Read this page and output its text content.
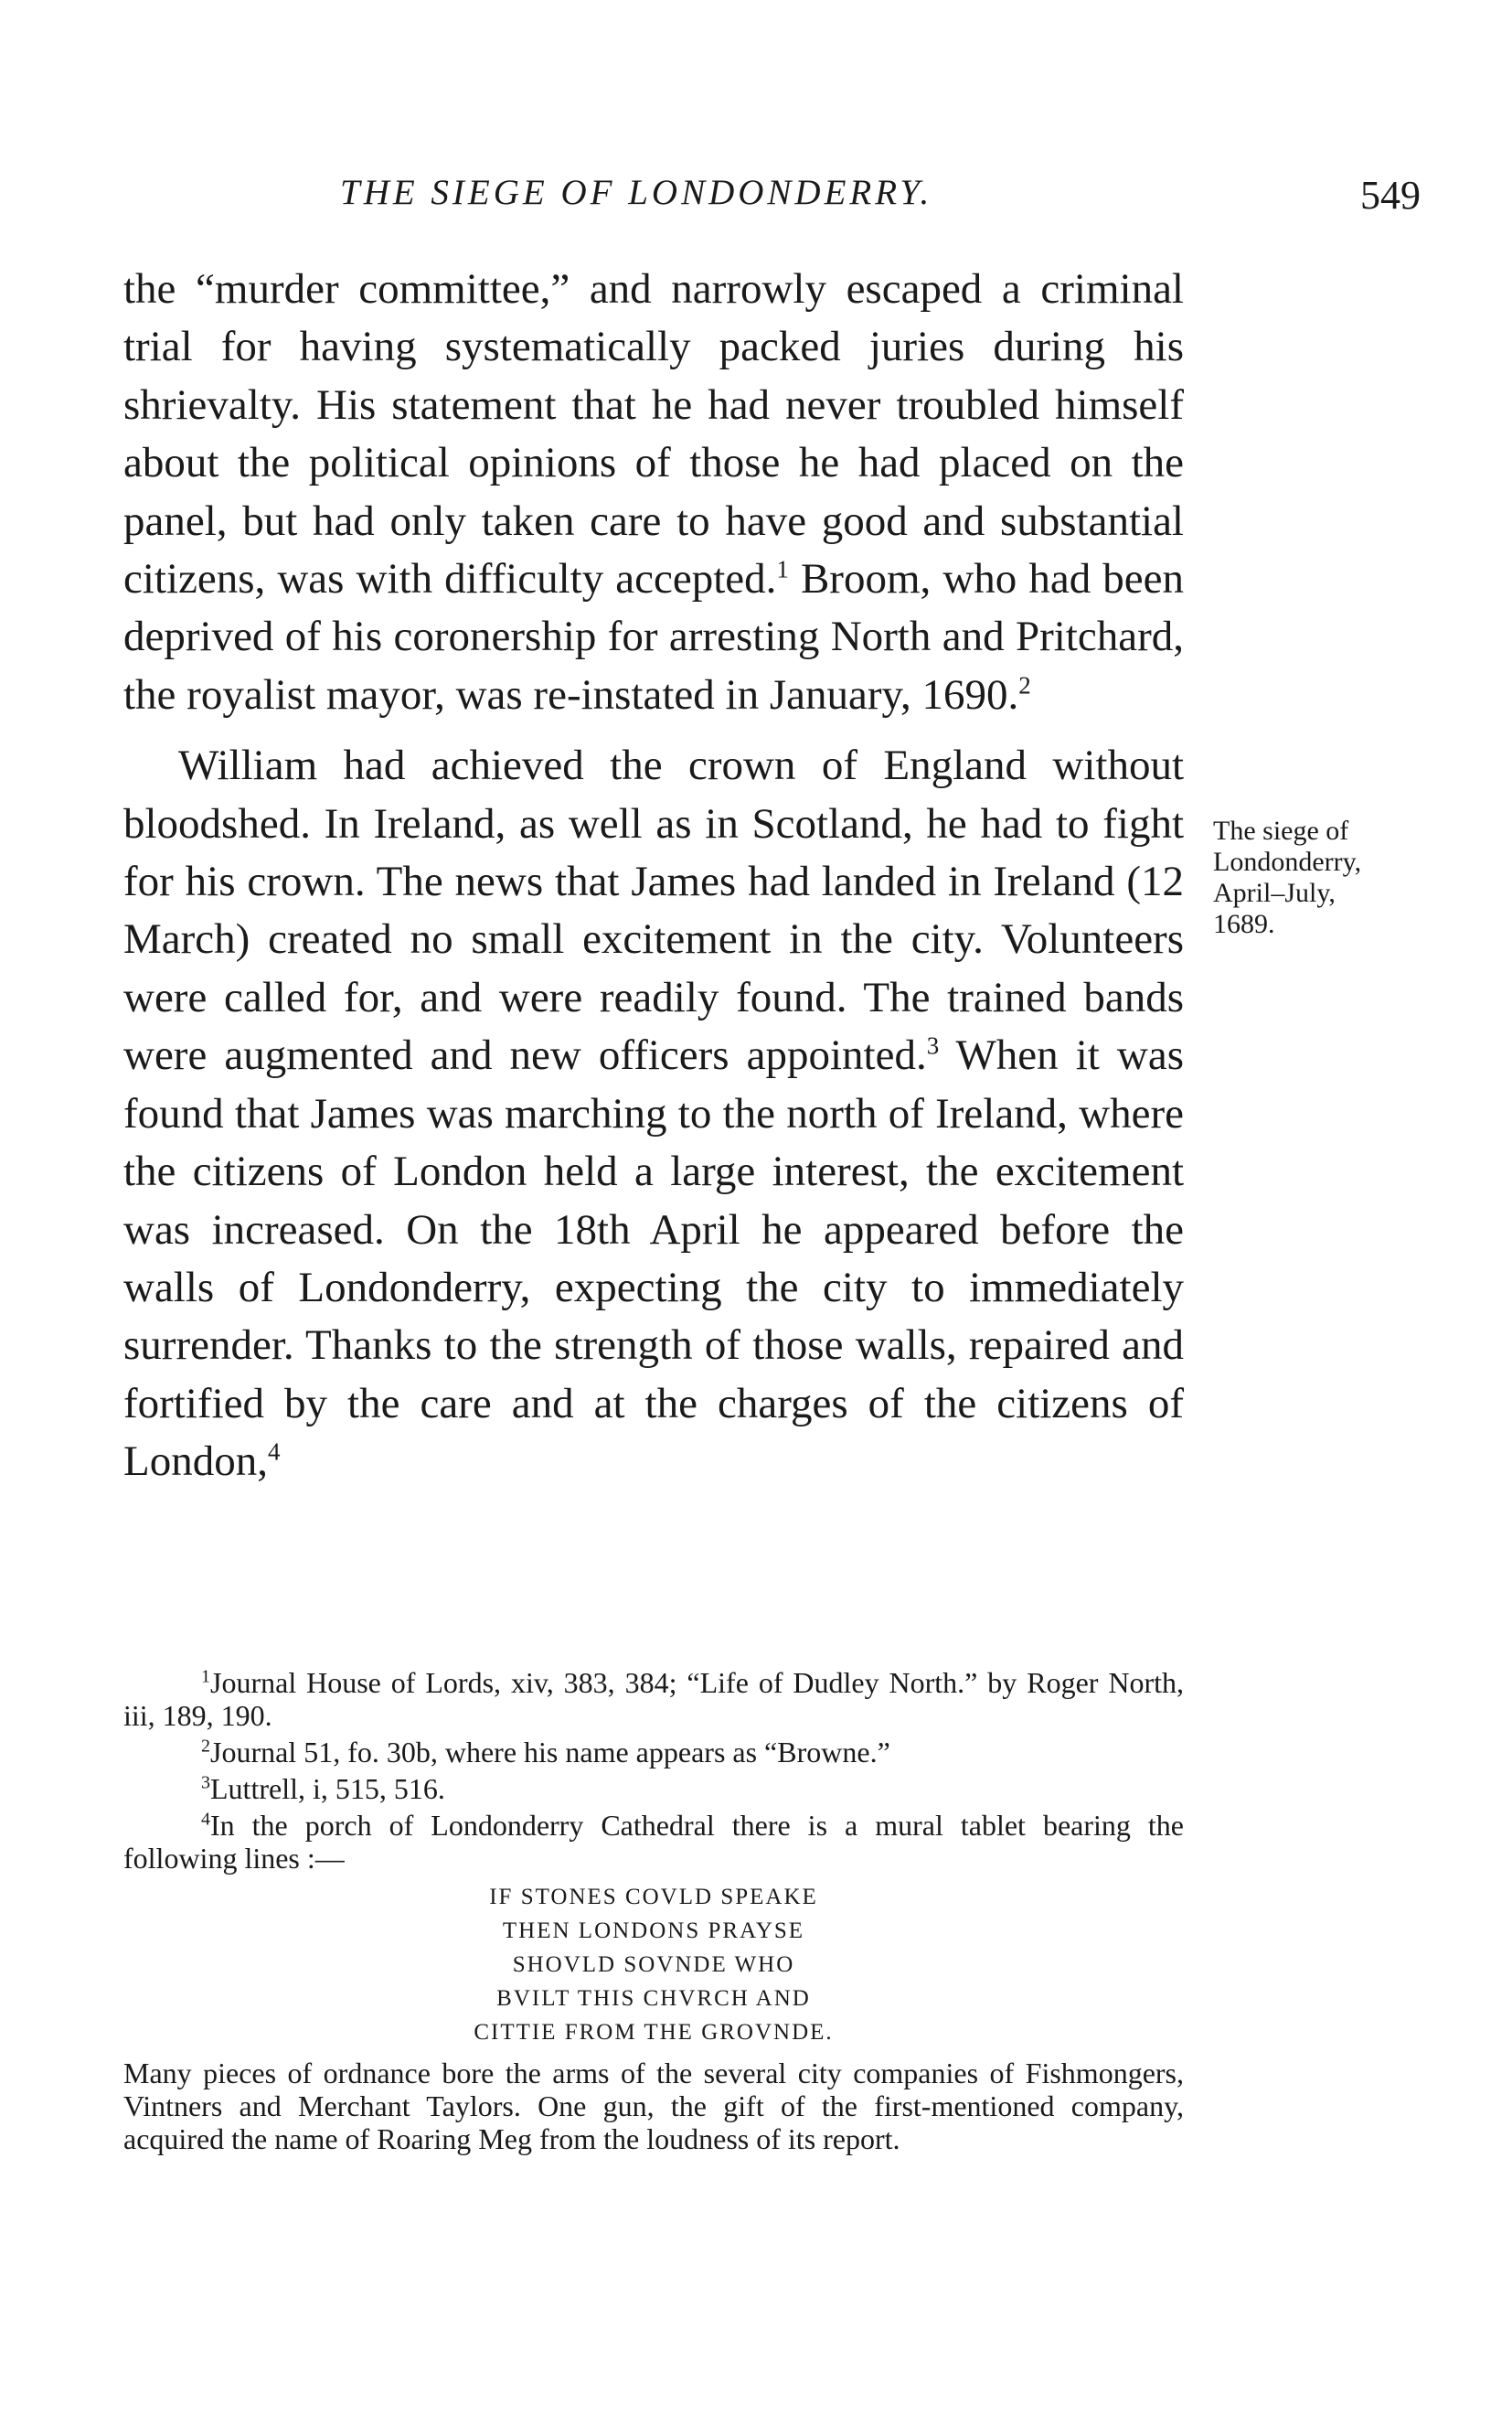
THE SIEGE OF LONDONDERRY.	549

the “murder committee,” and narrowly escaped a criminal trial for having systematically packed juries during his shrievalty. His statement that he had never troubled himself about the political opinions of those he had placed on the panel, but had only taken care to have good and substantial citizens, was with difficulty accepted.$^1$ Broom, who had been deprived of his coronership for arresting North and Pritchard, the royalist mayor, was re-instated in January, 1690.$^2$

William had achieved the crown of England without bloodshed. In Ireland, as well as in Scotland, he had to fight for his crown. The news that James had landed in Ireland (12 March) created no small excitement in the city. Volunteers were called for, and were readily found. The trained bands were augmented and new officers appointed.$^3$ When it was found that James was marching to the north of Ireland, where the citizens of London held a large interest, the excitement was increased. On the 18th April he appeared before the walls of Londonderry, expecting the city to immediately surrender. Thanks to the strength of those walls, repaired and fortified by the care and at the charges of the citizens of London,$^4$

The siege of
Londonderry,
April–July,
1689.

$^1$Journal House of Lords, xiv, 383, 384; “Life of Dudley North.” by Roger North, iii, 189, 190.

$^2$Journal 51, fo. 30b, where his name appears as “Browne.”

$^3$Luttrell, i, 515, 516.

$^4$In the porch of Londonderry Cathedral there is a mural tablet bearing the following lines :—

IF STONES COVLD SPEAKE
THEN LONDONS PRAYSE
SHOVLD SOVNDE WHO
BVILT THIS CHVRCH AND
CITTIE FROM THE GROVNDE.

Many pieces of ordnance bore the arms of the several city companies of Fishmongers, Vintners and Merchant Taylors. One gun, the gift of the first-mentioned company, acquired the name of Roaring Meg from the loudness of its report.
